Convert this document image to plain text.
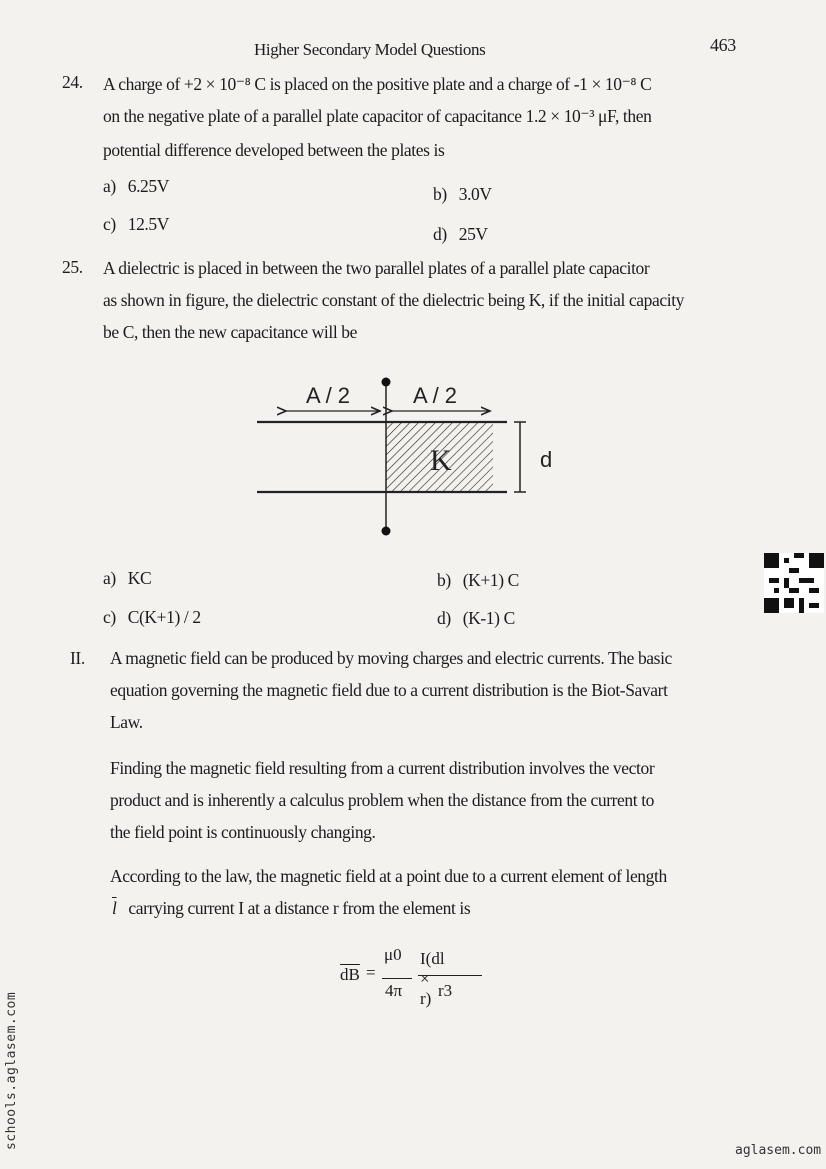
Higher Secondary Model Questions	463
24. A charge of +2 × 10⁻⁸ C is placed on the positive plate and a charge of -1 × 10⁻⁸ C
on the negative plate of a parallel plate capacitor of capacitance 1.2 × 10⁻³ μF, then
potential difference developed between the plates is
a) 6.25V	b) 3.0V
c) 12.5V	d) 25V
25. A dielectric is placed in between the two parallel plates of a parallel plate capacitor
as shown in figure, the dielectric constant of the dielectric being K, if the initial capacity
be C, then the new capacitance will be
A / 2	A / 2
K	d
a) KC	b) (K+1) C
c) C(K+1) / 2	d) (K-1) C
II. A magnetic field can be produced by moving charges and electric currents. The basic
equation governing the magnetic field due to a current distribution is the Biot-Savart
Law.
Finding the magnetic field resulting from a current distribution involves the vector
product and is inherently a calculus problem when the distance from the current to
the field point is continuously changing.
According to the law, the magnetic field at a point due to a current element of length
$\overline{l}$ carrying current I at a distance r from the element is
$\overline{dB}$ =
μ0
4π
I(dl × r) r3
schools.aglasem.com
aglasem.com
